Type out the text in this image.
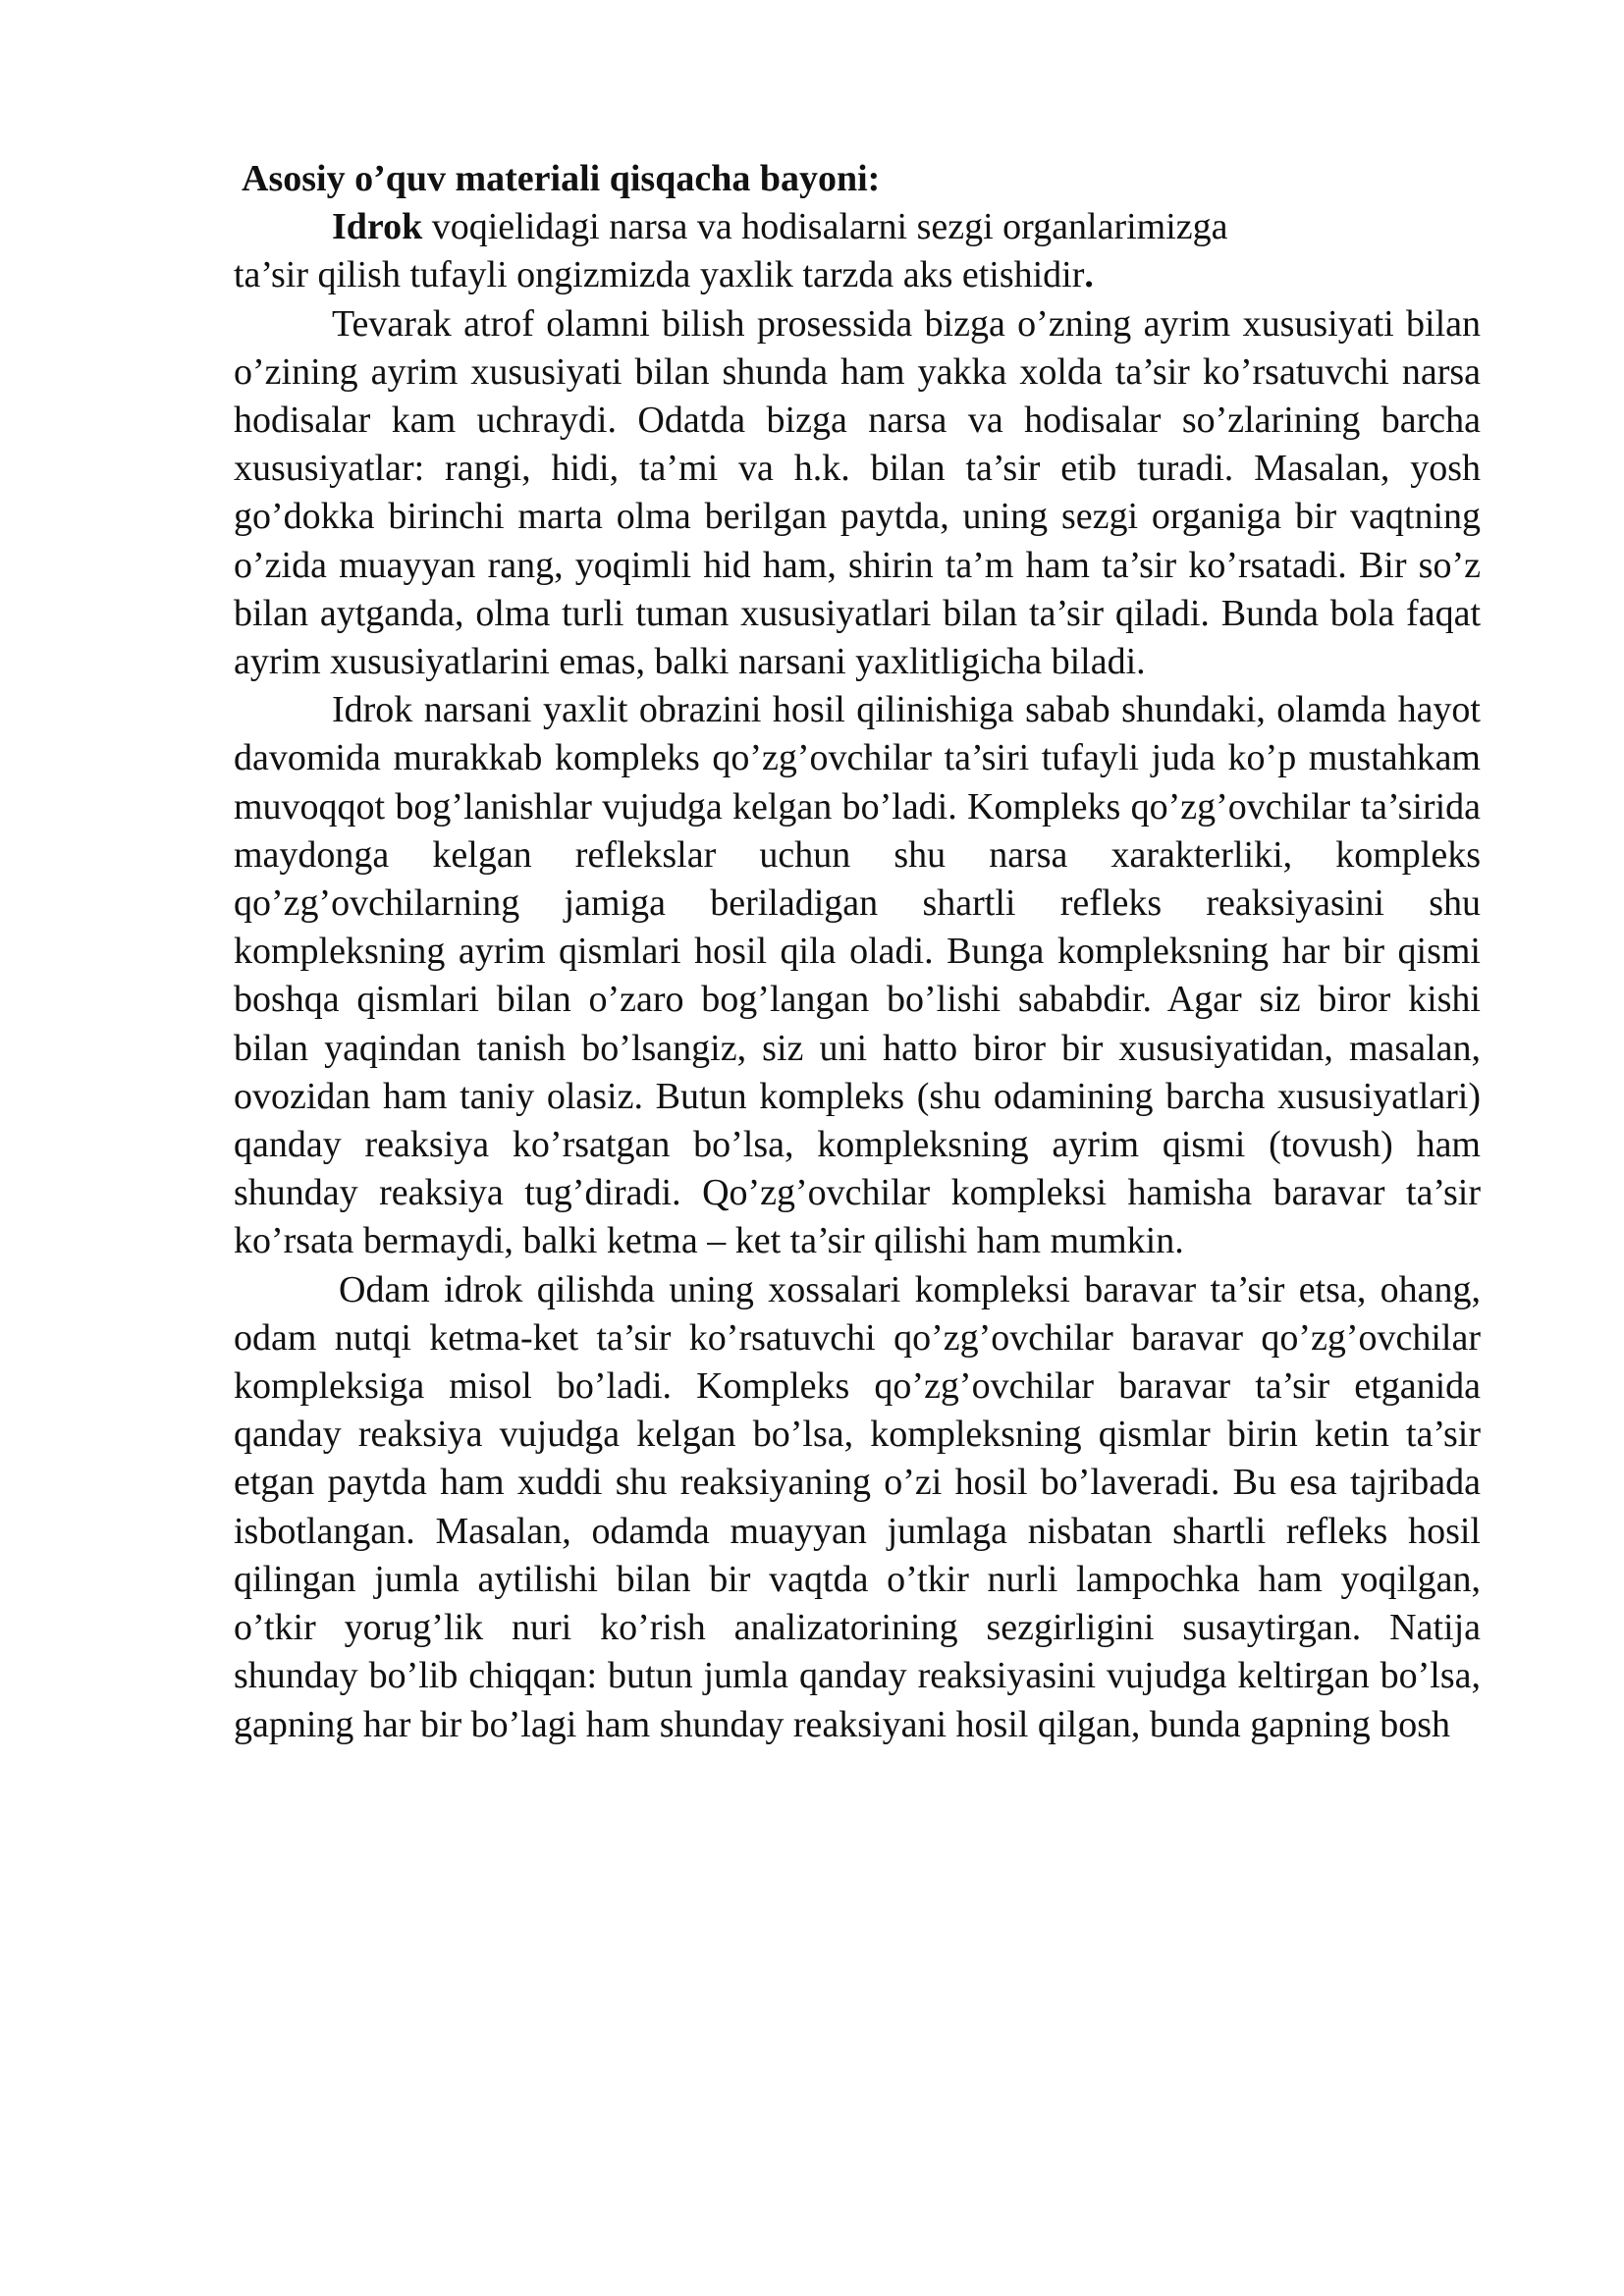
Asosiy o’quv materiali qisqacha bayoni:

Idrok voqielidagi narsa va hodisalarni sezgi organlarimizga
ta’sir qilish tufayli ongizmizda yaxlik tarzda aks etishidir.

Tevarak atrof olamni bilish prosessida bizga o’zning ayrim xususiyati bilan o’zining ayrim xususiyati bilan shunda ham yakka xolda ta’sir ko’rsatuvchi narsa hodisalar kam uchraydi. Odatda bizga narsa va hodisalar so’zlarining barcha xususiyatlar: rangi, hidi, ta’mi va h.k. bilan ta’sir etib turadi. Masalan, yosh go’dokka birinchi marta olma berilgan paytda, uning sezgi organiga bir vaqtning o’zida muayyan rang, yoqimli hid ham, shirin ta’m ham ta’sir ko’rsatadi. Bir so’z bilan aytganda, olma turli tuman xususiyatlari bilan ta’sir qiladi. Bunda bola faqat ayrim xususiyatlarini emas, balki narsani yaxlitligicha biladi.

Idrok narsani yaxlit obrazini hosil qilinishiga sabab shundaki, olamda hayot davomida murakkab kompleks qo’zg’ovchilar ta’siri tufayli juda ko’p mustahkam muvoqqot bog’lanishlar vujudga kelgan bo’ladi. Kompleks qo’zg’ovchilar ta’sirida maydonga kelgan reflekslar uchun shu narsa xarakterliki, kompleks qo’zg’ovchilarning jamiga beriladigan shartli refleks reaksiyasini shu kompleksning ayrim qismlari hosil qila oladi. Bunga kompleksning har bir qismi boshqa qismlari bilan o’zaro bog’langan bo’lishi sababdir. Agar siz biror kishi bilan yaqindan tanish bo’lsangiz, siz uni hatto biror bir xususiyatidan, masalan, ovozidan ham taniy olasiz. Butun kompleks (shu odamining barcha xususiyatlari) qanday reaksiya ko’rsatgan bo’lsa, kompleksning ayrim qismi (tovush) ham shunday reaksiya tug’diradi. Qo’zg’ovchilar kompleksi hamisha baravar ta’sir ko’rsata bermaydi, balki ketma – ket ta’sir qilishi ham mumkin.

Odam idrok qilishda uning xossalari kompleksi baravar ta’sir etsa, ohang, odam nutqi ketma-ket ta’sir ko’rsatuvchi qo’zg’ovchilar baravar qo’zg’ovchilar kompleksiga misol bo’ladi. Kompleks qo’zg’ovchilar baravar ta’sir etganida qanday reaksiya vujudga kelgan bo’lsa, kompleksning qismlar birin ketin ta’sir etgan paytda ham xuddi shu reaksiyaning o’zi hosil bo’laveradi. Bu esa tajribada isbotlangan. Masalan, odamda muayyan jumlaga nisbatan shartli refleks hosil qilingan jumla aytilishi bilan bir vaqtda o’tkir nurli lampochka ham yoqilgan, o’tkir yorug’lik nuri ko’rish analizatorining sezgirligini susaytirgan. Natija shunday bo’lib chiqqan: butun jumla qanday reaksiyasini vujudga keltirgan bo’lsa, gapning har bir bo’lagi ham shunday reaksiyani hosil qilgan, bunda gapning bosh
